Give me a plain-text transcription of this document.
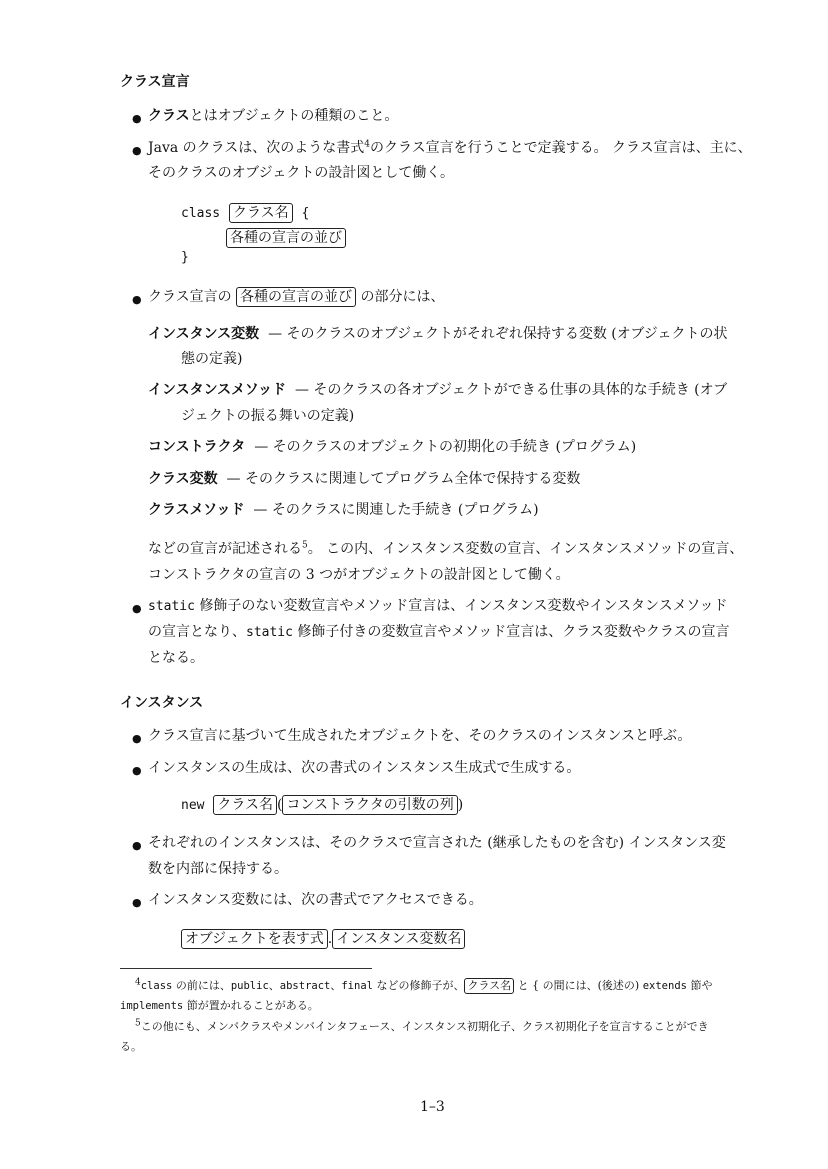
クラス宣言
● クラスとはオブジェクトの種類のこと。
● Java のクラスは、次のような書式$^4$のクラス宣言を行うことで定義する。 クラス宣言は、主に、
そのクラスのオブジェクトの設計図として働く。
class クラス名 {
各種の宣言の並び
}
● クラス宣言の 各種の宣言の並び の部分には、
インスタンス変数 — そのクラスのオブジェクトがそれぞれ保持する変数 (オブジェクトの状
態の定義)
インスタンスメソッド — そのクラスの各オブジェクトができる仕事の具体的な手続き (オブ
ジェクトの振る舞いの定義)
コンストラクタ — そのクラスのオブジェクトの初期化の手続き (プログラム)
クラス変数 — そのクラスに関連してプログラム全体で保持する変数
クラスメソッド — そのクラスに関連した手続き (プログラム)
などの宣言が記述される$^5$。 この内、インスタンス変数の宣言、インスタンスメソッドの宣言、
コンストラクタの宣言の 3 つがオブジェクトの設計図として働く。
● static 修飾子のない変数宣言やメソッド宣言は、インスタンス変数やインスタンスメソッド
の宣言となり、static 修飾子付きの変数宣言やメソッド宣言は、クラス変数やクラスの宣言
となる。
インスタンス
● クラス宣言に基づいて生成されたオブジェクトを、そのクラスのインスタンスと呼ぶ。
● インスタンスの生成は、次の書式のインスタンス生成式で生成する。
new クラス名 ( コンストラクタの引数の列 )
● それぞれのインスタンスは、そのクラスで宣言された (継承したものを含む) インスタンス変
数を内部に保持する。
● インスタンス変数には、次の書式でアクセスできる。
オブジェクトを表す式 . インスタンス変数名
$^4$class の前には、public、abstract、final などの修飾子が、 クラス名 と { の間には、(後述の) extends 節や
implements 節が置かれることがある。
$^5$この他にも、メンバクラスやメンバインタフェース、インスタンス初期化子、クラス初期化子を宣言することができ
る。
1–3
